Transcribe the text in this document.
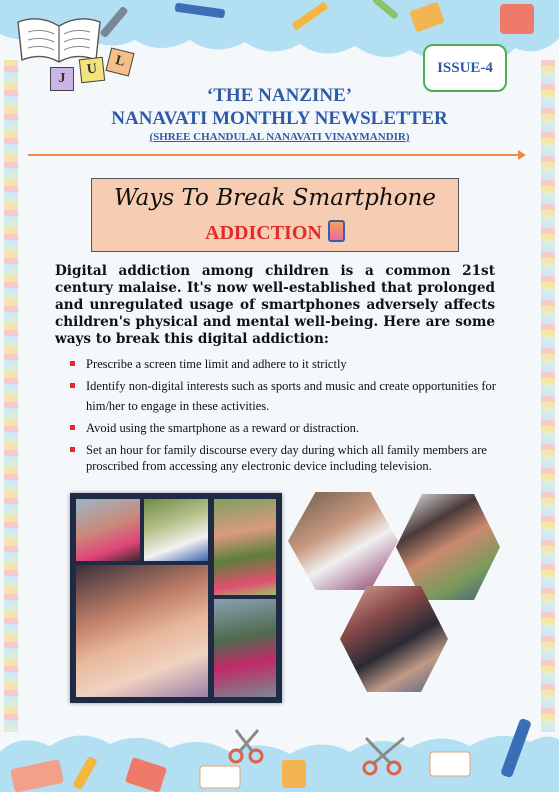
J
U	L	ISSUE-4
‘THE NANZINE’
NANAVATI MONTHLY NEWSLETTER
(SHREE CHANDULAL NANAVATI VINAYMANDIR)
Ways To Break Smartphone
ADDICTION
Digital addiction among children is a common 21st century malaise. It's now well-established that prolonged and unregulated usage of smartphones adversely affects children's physical and mental well-being. Here are some ways to break this digital addiction:
Prescribe a screen time limit and adhere to it strictly
Identify non-digital interests such as sports and music and create opportunities for him/her to engage in these activities.
Avoid using the smartphone as a reward or distraction.
Set an hour for family discourse every day during which all family members are proscribed from accessing any electronic device including television.
